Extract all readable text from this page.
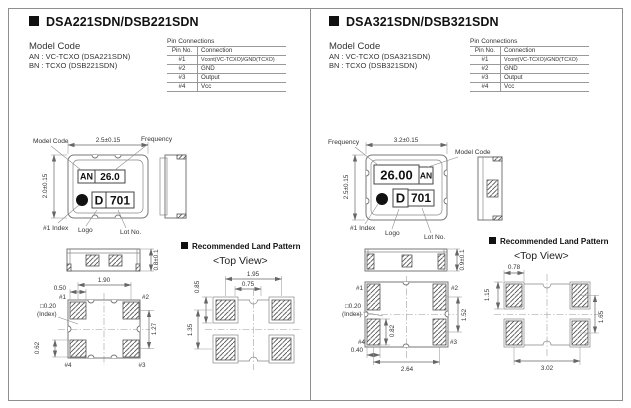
DSA221SDN/DSB221SDN
Model Code
AN : VC-TCXO (DSA221SDN)
BN : TCXO (DSB221SDN)
Pin Connections
Pin No.	Connection
#1	Vcont(VC-TCXO)/GND(TCXO)
#2	GND
#3	Output
#4	Vcc
Recommended Land Pattern
<Top View>
AN 26.0
D 701
Model Code	Frequency
#1 Index Logo	Lot No.
2.5±0.15
2.0±0.15
0.8±0.1
1.90
0.50
#1	#2
#4	#3
□0.20
(Index)
1.27
0.62
1.95
0.75
0.85
1.35
DSA321SDN/DSB321SDN
Model Code
AN : VC-TCXO (DSA321SDN)
BN : TCXO (DSB321SDN)
Pin Connections
Pin No.	Connection
#1	Vcont(VC-TCXO)/GND(TCXO)
#2	GND
#3	Output
#4	Vcc
Recommended Land Pattern
<Top View>
26.00 AN
D 701
Frequency
Model Code
#1 Index
Logo
Lot No.
3.2±0.15
2.5±0.15
0.9±0.1
#1	#2
#4	#3
□0.20
(Index)	1.52
0.82
0.40
2.64
0.78
1.15
1.65
3.02
